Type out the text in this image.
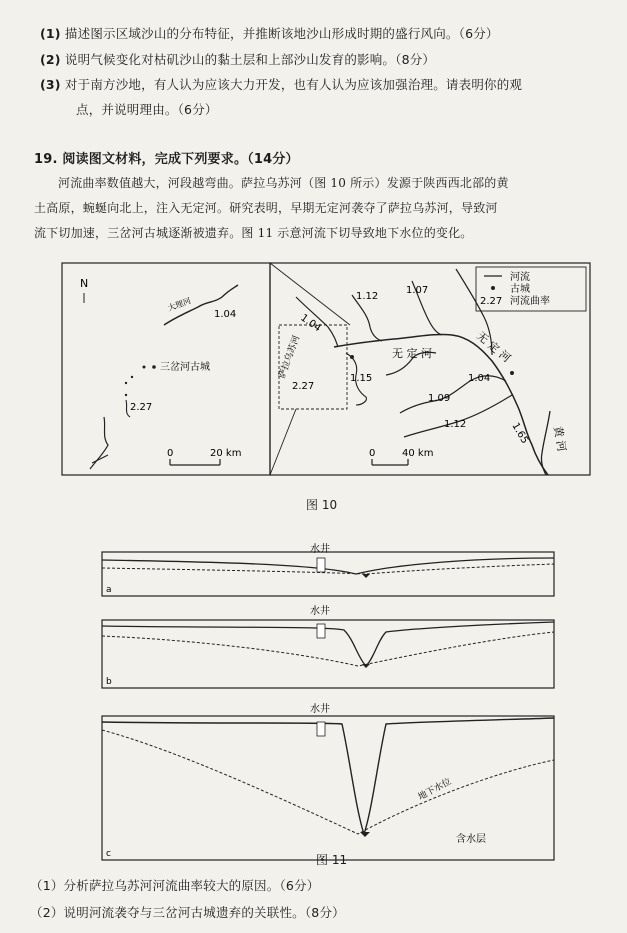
(1) 描述图示区域沙山的分布特征，并推断该地沙山形成时期的盛行风向。（6分）
(2) 说明气候变化对枯矶沙山的黏土层和上部沙山发育的影响。（8分）
(3) 对于南方沙地，有人认为应该大力开发，也有人认为应该加强治理。请表明你的观
点，并说明理由。（6分）
19. 阅读图文材料，完成下列要求。（14分）
河流曲率数值越大，河段越弯曲。萨拉乌苏河（图 10 所示）发源于陕西西北部的黄
土高原，蜿蜒向北上，注入无定河。研究表明，早期无定河袭夺了萨拉乌苏河，导致河
流下切加速，三岔河古城逐渐被遗弃。图 11 示意河流下切导致地下水位的变化。
N
大理河
1.04
三岔河古城
2.27
0	20 km
河流
古城
2.27 河流曲率
1.04
1.12
1.07
1.04
1.15
1.09
1.12	1.65
萨拉乌苏河
2.27
无 定 河	无 定 河
黄 河
0	40 km
图 10
水井
a
水井
b
水井
地下水位
含水层
c	图 11
（1）分析萨拉乌苏河河流曲率较大的原因。（6分）
（2）说明河流袭夺与三岔河古城遗弃的关联性。（8分）
